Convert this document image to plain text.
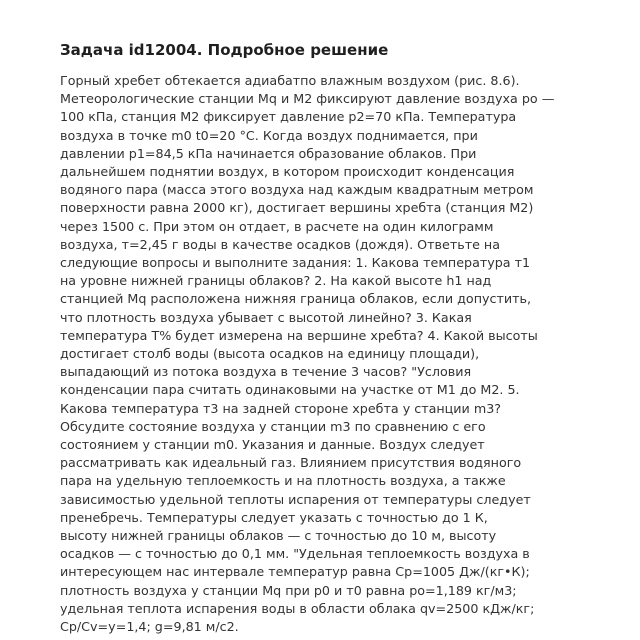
Задача id12004. Подробное решение

Горный хребет обтекается адиабатпо влажным воздухом (рис. 8.6).
Метеорологические станции Mq и M2 фиксируют давление воздуха ро —
100 кПа, станция M2 фиксирует давление p2=70 кПа. Температура
воздуха в точке m0 t0=20 °С. Когда воздух поднимается, при
давлении p1=84,5 кПа начинается образование облаков. При
дальнейшем поднятии воздух, в котором происходит конденсация
водяного пара (масса этого воздуха над каждым квадратным метром
поверхности равна 2000 кг), достигает вершины хребта (станция M2)
через 1500 с. При этом он отдает, в расчете на один килограмм
воздуха, т=2,45 г воды в качестве осадков (дождя). Ответьте на
следующие вопросы и выполните задания: 1. Какова температура т1
на уровне нижней границы облаков? 2. На какой высоте h1 над
станцией Mq расположена нижняя граница облаков, если допустить,
что плотность воздуха убывает с высотой линейно? 3. Какая
температура Т% будет измерена на вершине хребта? 4. Какой высоты
достигает столб воды (высота осадков на единицу площади),
выпадающий из потока воздуха в течение 3 часов? "Условия
конденсации пара считать одинаковыми на участке от M1 до M2. 5.
Какова температура т3 на задней стороне хребта у станции m3?
Обсудите состояние воздуха у станции m3 по сравнению с его
состоянием у станции m0. Указания и данные. Воздух следует
рассматривать как идеальный газ. Влиянием присутствия водяного
пара на удельную теплоемкость и на плотность воздуха, а также
зависимостью удельной теплоты испарения от температуры следует
пренебречь. Температуры следует указать с точностью до 1 К,
высоту нижней границы облаков — с точностью до 10 м, высоту
осадков — с точностью до 0,1 мм. "Удельная теплоемкость воздуха в
интересующем нас интервале температур равна Cp=1005 Дж/(кг•К);
плотность воздуха у станции Mq при p0 и т0 равна ро=1,189 кг/м3;
удельная теплота испарения воды в области облака qv=2500 кДж/кг;
Cp/Cv=y=1,4; g=9,81 м/с2.
